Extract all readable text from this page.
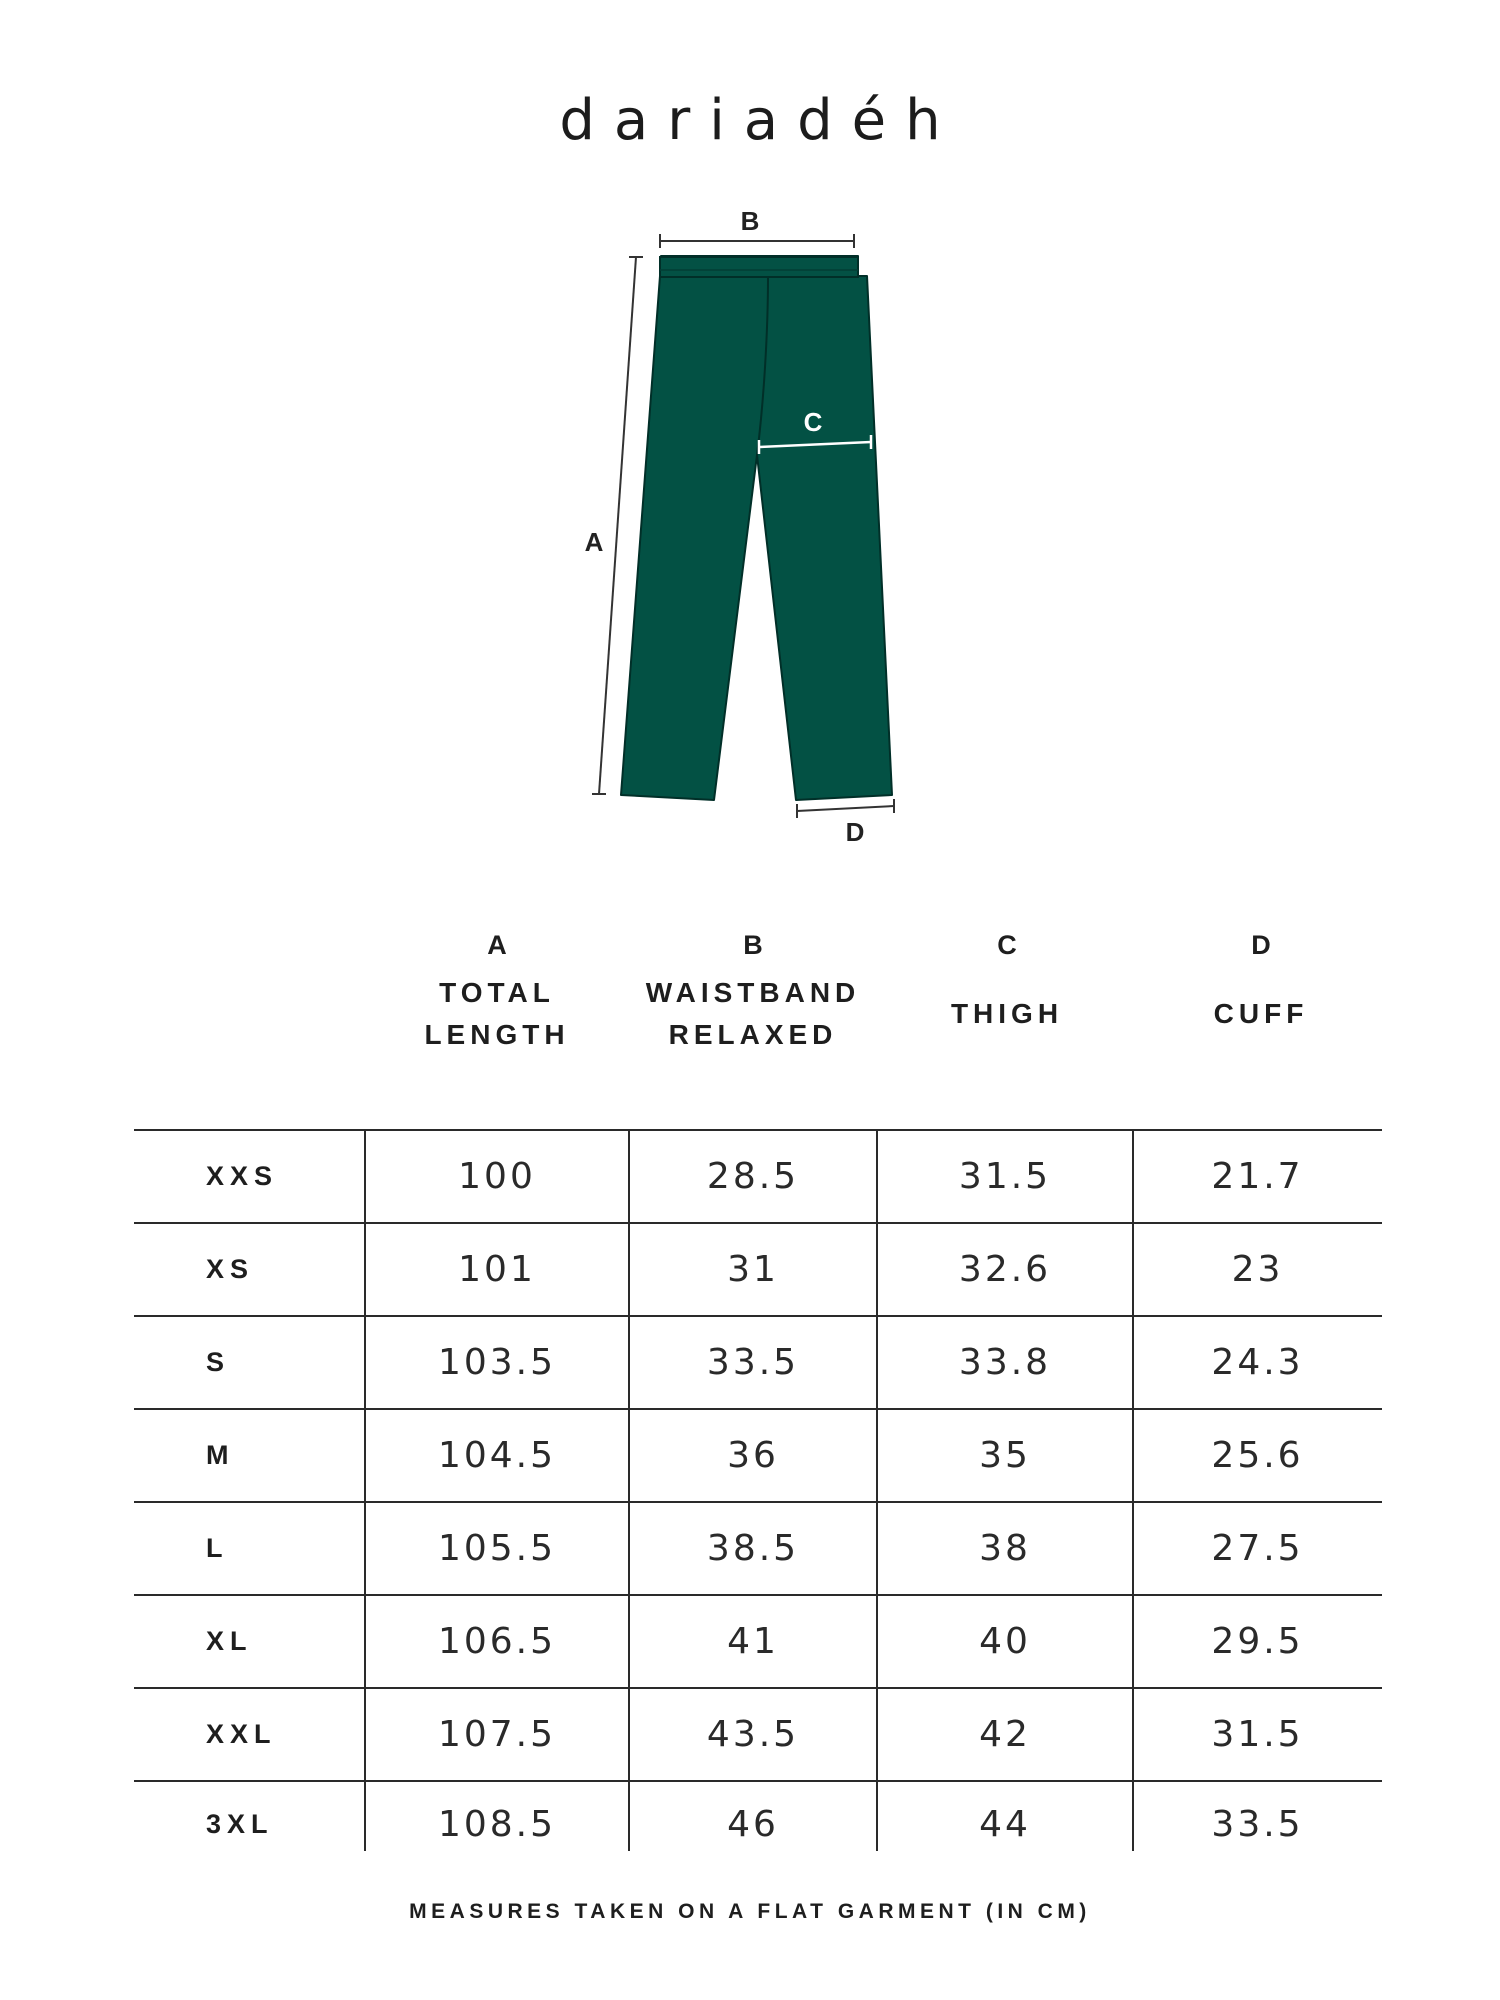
dariadéh
A
B
C
D
A
TOTAL
LENGTH
B
WAISTBAND
RELAXED
C
THIGH
D
CUFF
XXS	100	28.5	31.5	21.7
XS	101	31	32.6	23
S	103.5	33.5	33.8	24.3
M	104.5	36	35	25.6
L	105.5	38.5	38	27.5
XL	106.5	41	40	29.5
XXL	107.5	43.5	42	31.5
3XL	108.5	46	44	33.5
MEASURES TAKEN ON A FLAT GARMENT (IN CM)
